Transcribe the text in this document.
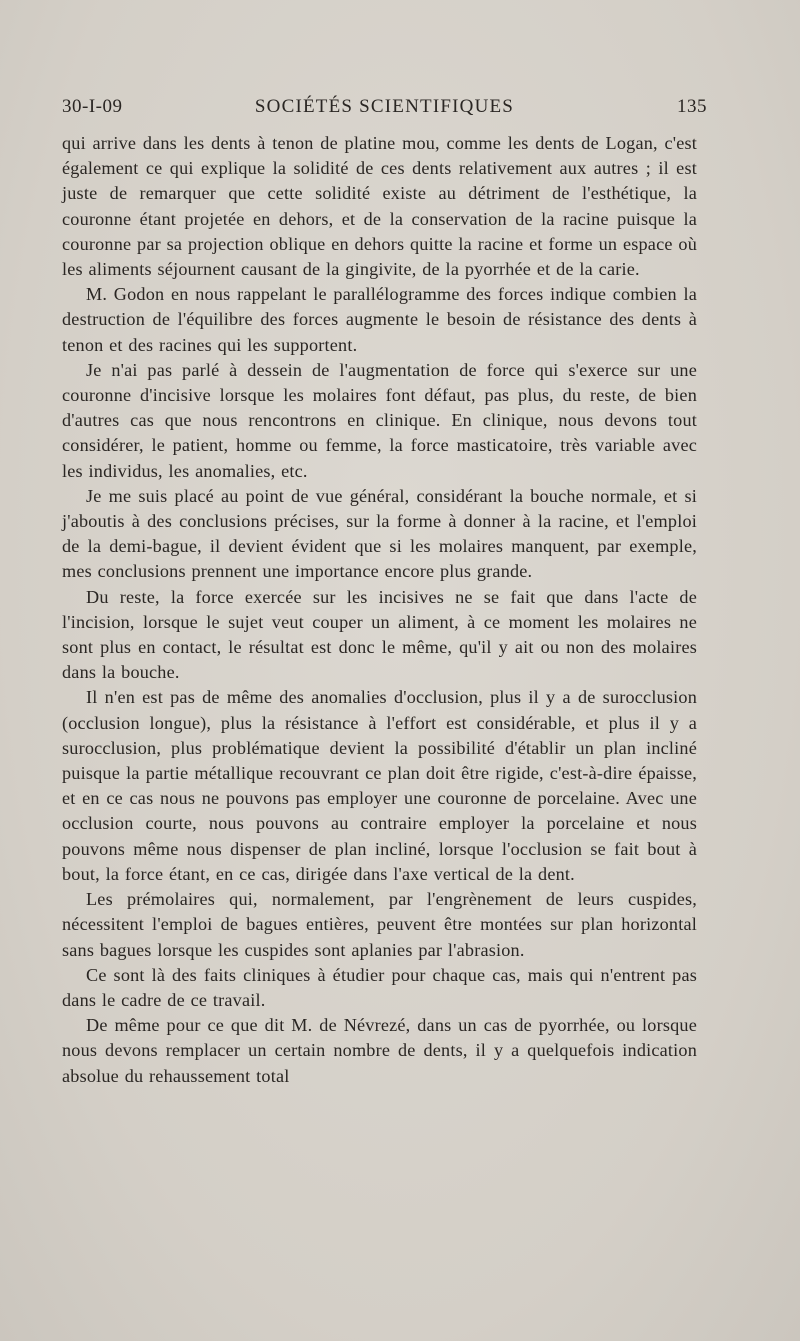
30-I-09	SOCIÉTÉS SCIENTIFIQUES	135

qui arrive dans les dents à tenon de platine mou, comme les dents de Logan, c'est également ce qui explique la solidité de ces dents relativement aux autres ; il est juste de remarquer que cette solidité existe au détriment de l'esthétique, la couronne étant projetée en dehors, et de la conservation de la racine puisque la couronne par sa projection oblique en dehors quitte la racine et forme un espace où les aliments séjournent causant de la gingivite, de la pyorrhée et de la carie.

M. Godon en nous rappelant le parallélogramme des forces indique combien la destruction de l'équilibre des forces augmente le besoin de résistance des dents à tenon et des racines qui les supportent.

Je n'ai pas parlé à dessein de l'augmentation de force qui s'exerce sur une couronne d'incisive lorsque les molaires font défaut, pas plus, du reste, de bien d'autres cas que nous rencontrons en clinique. En clinique, nous devons tout considérer, le patient, homme ou femme, la force masticatoire, très variable avec les individus, les anomalies, etc.

Je me suis placé au point de vue général, considérant la bouche normale, et si j'aboutis à des conclusions précises, sur la forme à donner à la racine, et l'emploi de la demi-bague, il devient évident que si les molaires manquent, par exemple, mes conclusions prennent une importance encore plus grande.

Du reste, la force exercée sur les incisives ne se fait que dans l'acte de l'incision, lorsque le sujet veut couper un aliment, à ce moment les molaires ne sont plus en contact, le résultat est donc le même, qu'il y ait ou non des molaires dans la bouche.

Il n'en est pas de même des anomalies d'occlusion, plus il y a de surocclusion (occlusion longue), plus la résistance à l'effort est considérable, et plus il y a surocclusion, plus problématique devient la possibilité d'établir un plan incliné puisque la partie métallique recouvrant ce plan doit être rigide, c'est-à-dire épaisse, et en ce cas nous ne pouvons pas employer une couronne de porcelaine. Avec une occlusion courte, nous pouvons au contraire employer la porcelaine et nous pouvons même nous dispenser de plan incliné, lorsque l'occlusion se fait bout à bout, la force étant, en ce cas, dirigée dans l'axe vertical de la dent.

Les prémolaires qui, normalement, par l'engrènement de leurs cuspides, nécessitent l'emploi de bagues entières, peuvent être montées sur plan horizontal sans bagues lorsque les cuspides sont aplanies par l'abrasion.

Ce sont là des faits cliniques à étudier pour chaque cas, mais qui n'entrent pas dans le cadre de ce travail.

De même pour ce que dit M. de Névrezé, dans un cas de pyorrhée, ou lorsque nous devons remplacer un certain nombre de dents, il y a quelquefois indication absolue du rehaussement total
